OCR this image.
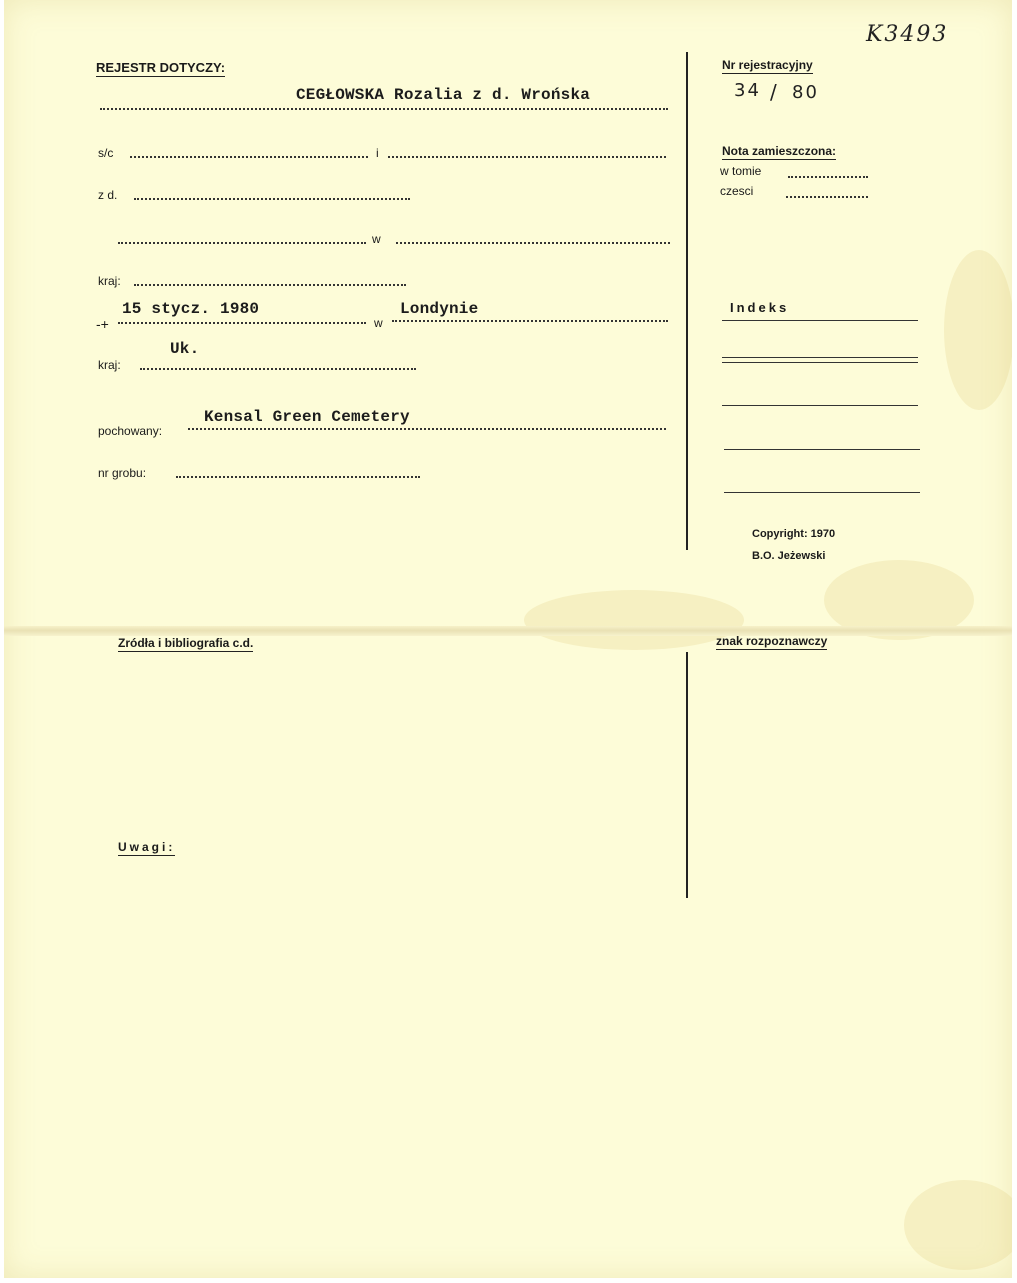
K3493
REJESTR DOTYCZY:
CEGŁOWSKA Rozalia z d. Wrońska
Nr rejestracyjny
34 / 80
Nota zamieszczona:
w tomie
czesci
s/c	i
z d.
w
kraj:
-+
15 stycz. 1980
w
Londynie
kraj:
Uk.
pochowany:
Kensal Green Cemetery
nr grobu:
Indeks
Copyright: 1970
B.O. Jeżewski
Zródła i bibliografia c.d.	znak rozpoznawczy
Uwagi:
